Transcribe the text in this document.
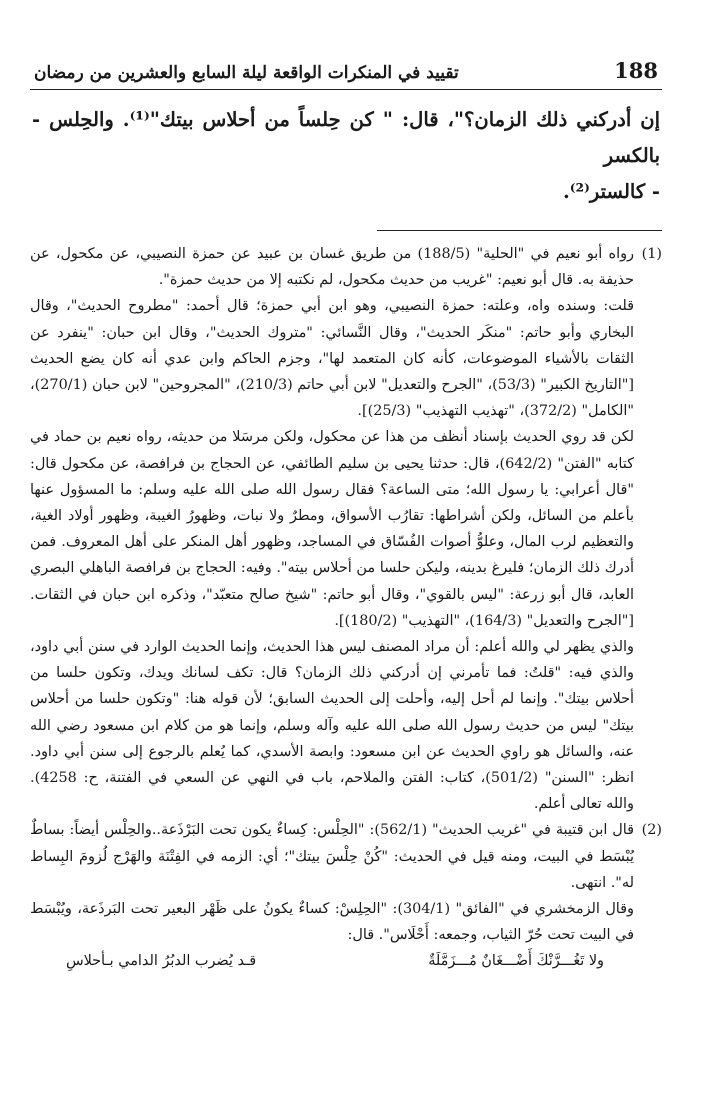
188
تقييد في المنكرات الواقعة ليلة السابع والعشرين من رمضان
إن أدركني ذلك الزمان؟"، قال: " كن حِلساً من أحلاس بيتك"⁽¹⁾. والحِلس - بالكسر
- كالستر⁽²⁾.
(1)

رواه أبو نعيم في "الحلية" (188/5) من طريق غسان بن عبيد عن حمزة النصيبي، عن مكحول، عن حذيفة به. قال أبو نعيم: "غريب من حديث مكحول، لم نكتبه إلا من حديث حمزة".

قلت: وسنده واه، وعلته: حمزة النصيبي، وهو ابن أبي حمزة؛ قال أحمد: "مطروح الحديث"، وقال البخاري وأبو حاتم: "منكَر الحديث"، وقال النَّسائي: "متروك الحديث"، وقال ابن حبان: "ينفرد عن الثقات بالأشياء الموضوعات، كأنه كان المتعمد لها"، وجزم الحاكم وابن عدي أنه كان يضع الحديث ["التاريخ الكبير" (53/3)، "الجرح والتعديل" لابن أبي حاتم (210/3)، "المجروحين" لابن حبان (270/1)، "الكامل" (372/2)، "تهذيب التهذيب" (25/3)].

لكن قد روي الحديث بإسناد أنظف من هذا عن محكول، ولكن مرسَلا من حديثه، رواه نعيم بن حماد في كتابه "الفتن" (642/2)، قال: حدثنا يحيى بن سليم الطائفي، عن الحجاج بن فرافصة، عن مكحول قال: "قال أعرابي: يا رسول الله؛ متى الساعة؟ فقال رسول الله صلى الله عليه وسلم: ما المسؤول عنها بأعلم من السائل، ولكن أشراطها: تقارُب الأسواق، ومطرٌ ولا نبات، وظهورُ الغيبة، وظهور أولاد الغية، والتعظيم لرب المال، وعلوُّ أصوات الفُسّاق في المساجد، وظهور أهل المنكر على أهل المعروف. فمن أدرك ذلك الزمان؛ فليرغ بدينه، وليكن حلسا من أحلاس بيته". وفيه: الحجاج بن فرافصة الباهلي البصري العابد، قال أبو زرعة: "ليس بالقوي"، وقال أبو حاتم: "شيخ صالح متعبّد"، وذكره ابن حبان في الثقات. ["الجرح والتعديل" (164/3)، "التهذيب" (180/2)].

والذي يظهر لي والله أعلم: أن مراد المصنف ليس هذا الحديث، وإنما الحديث الوارد في سنن أبي داود، والذي فيه: "قلتُ: فما تأمرني إن أدركني ذلك الزمان؟ قال: تكف لسانك ويدك، وتكون حلسا من أحلاس بيتك". وإنما لم أحل إليه، وأحلت إلى الحديث السابق؛ لأن قوله هنا: "وتكون حلسا من أحلاس بيتك" ليس من حديث رسول الله صلى الله عليه وآله وسلم، وإنما هو من كلام ابن مسعود رضي الله عنه، والسائل هو راوي الحديث عن ابن مسعود: وابصة الأسدي، كما يُعلم بالرجوع إلى سنن أبي داود. انظر: "السنن" (501/2)، كتاب: الفتن والملاحم، باب في النهي عن السعي في الفتنة، ح: 4258). والله تعالى أعلم.

(2)

قال ابن قتيبة في "غريب الحديث" (562/1): "الحِلْس: كِساءٌ يكون تحت البَرْذَعة..والحِلْس أيضاً: بساطٌ يُبْسَط في البيت، ومنه قيل في الحديث: "كُنْ حِلْسَ بيتك"؛ أي: الزمه في الفِتْنَة والهَرْج لُزومَ البِساط له". انتهى.

وقال الزمخشري في "الفائق" (304/1): "الحِلِسْ: كساءٌ يكونُ على ظَهْر البعير تحت البَرذَعة، ويُبْسَط في البيت تحت حُرّ الثياب، وجمعه: أَحْلَاس". قال:

ولا تَغُـــرَّنْكَ أَضْـــغَانٌ مُـــزَمَّلَةٌ
قـد يُضرب الدبُرُ الدامي بـأحلاسِ
